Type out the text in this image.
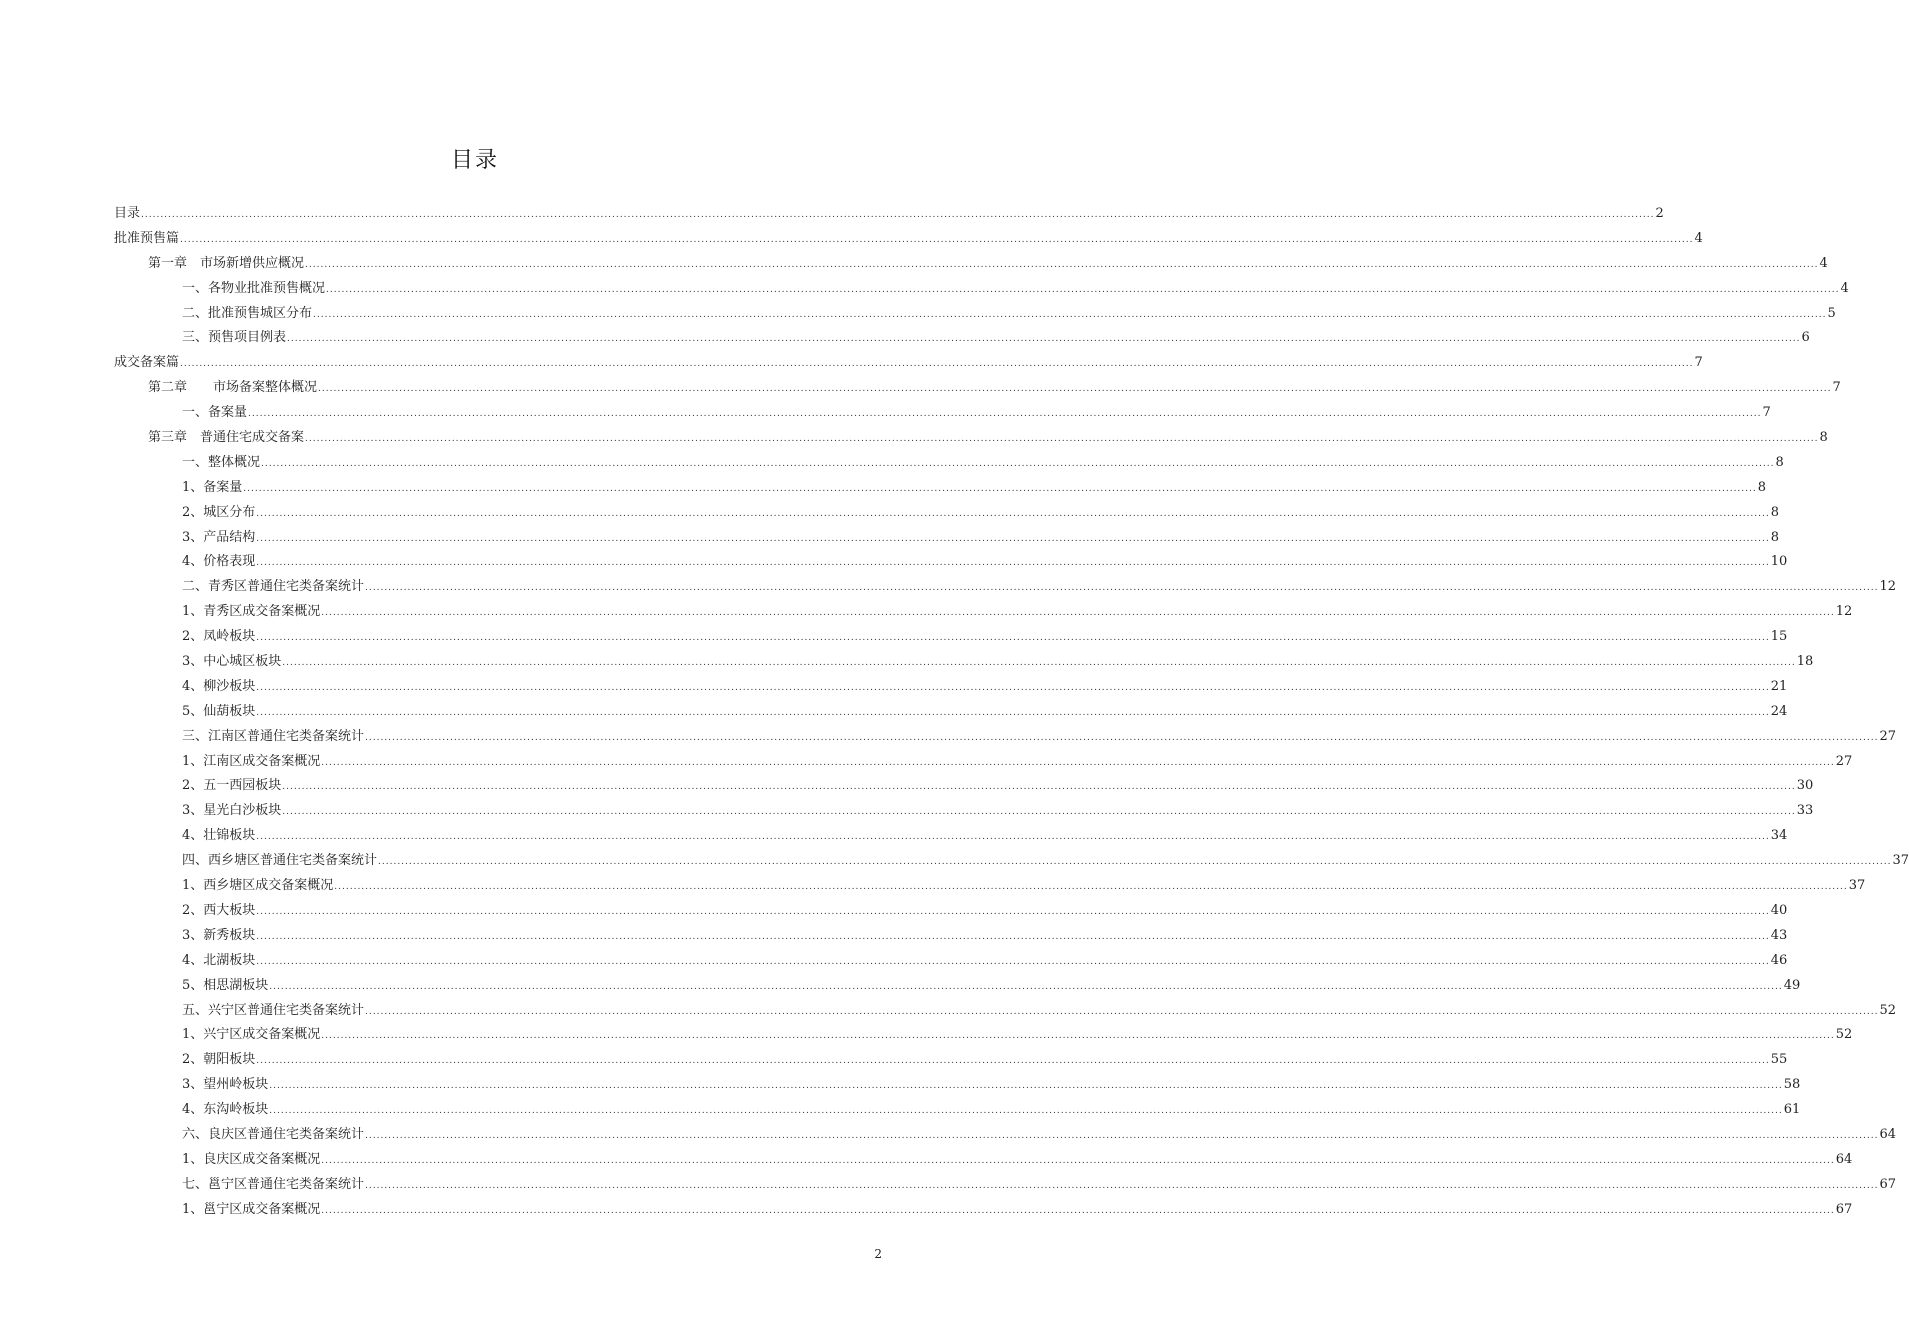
目录
目录 .....	2
批准预售篇 .....	4
第一章　市场新增供应概况 .....	4
一、各物业批准预售概况 .....	4
二、批准预售城区分布 .....	5
三、预售项目例表 .....	6
成交备案篇 .....	7
第二章　　市场备案整体概况 .....	7
一、备案量 .....	7
第三章　普通住宅成交备案 .....	8
一、整体概况 .....	8
1、备案量 .....	8
2、城区分布 .....	8
3、产品结构 .....	8
4、价格表现 .....	10
二、青秀区普通住宅类备案统计 .....	12
1、青秀区成交备案概况 .....	12
2、凤岭板块 .....	15
3、中心城区板块 .....	18
4、柳沙板块 .....	21
5、仙葫板块 .....	24
三、江南区普通住宅类备案统计 .....	27
1、江南区成交备案概况 .....	27
2、五一西园板块 .....	30
3、星光白沙板块 .....	33
4、壮锦板块 .....	34
四、西乡塘区普通住宅类备案统计 .....	37
1、西乡塘区成交备案概况 .....	37
2、西大板块 .....	40
3、新秀板块 .....	43
4、北湖板块 .....	46
5、相思湖板块 .....	49
五、兴宁区普通住宅类备案统计 .....	52
1、兴宁区成交备案概况 .....	52
2、朝阳板块 .....	55
3、望州岭板块 .....	58
4、东沟岭板块 .....	61
六、良庆区普通住宅类备案统计 .....	64
1、良庆区成交备案概况 .....	64
七、邕宁区普通住宅类备案统计 .....	67
1、邕宁区成交备案概况 .....	67
2
